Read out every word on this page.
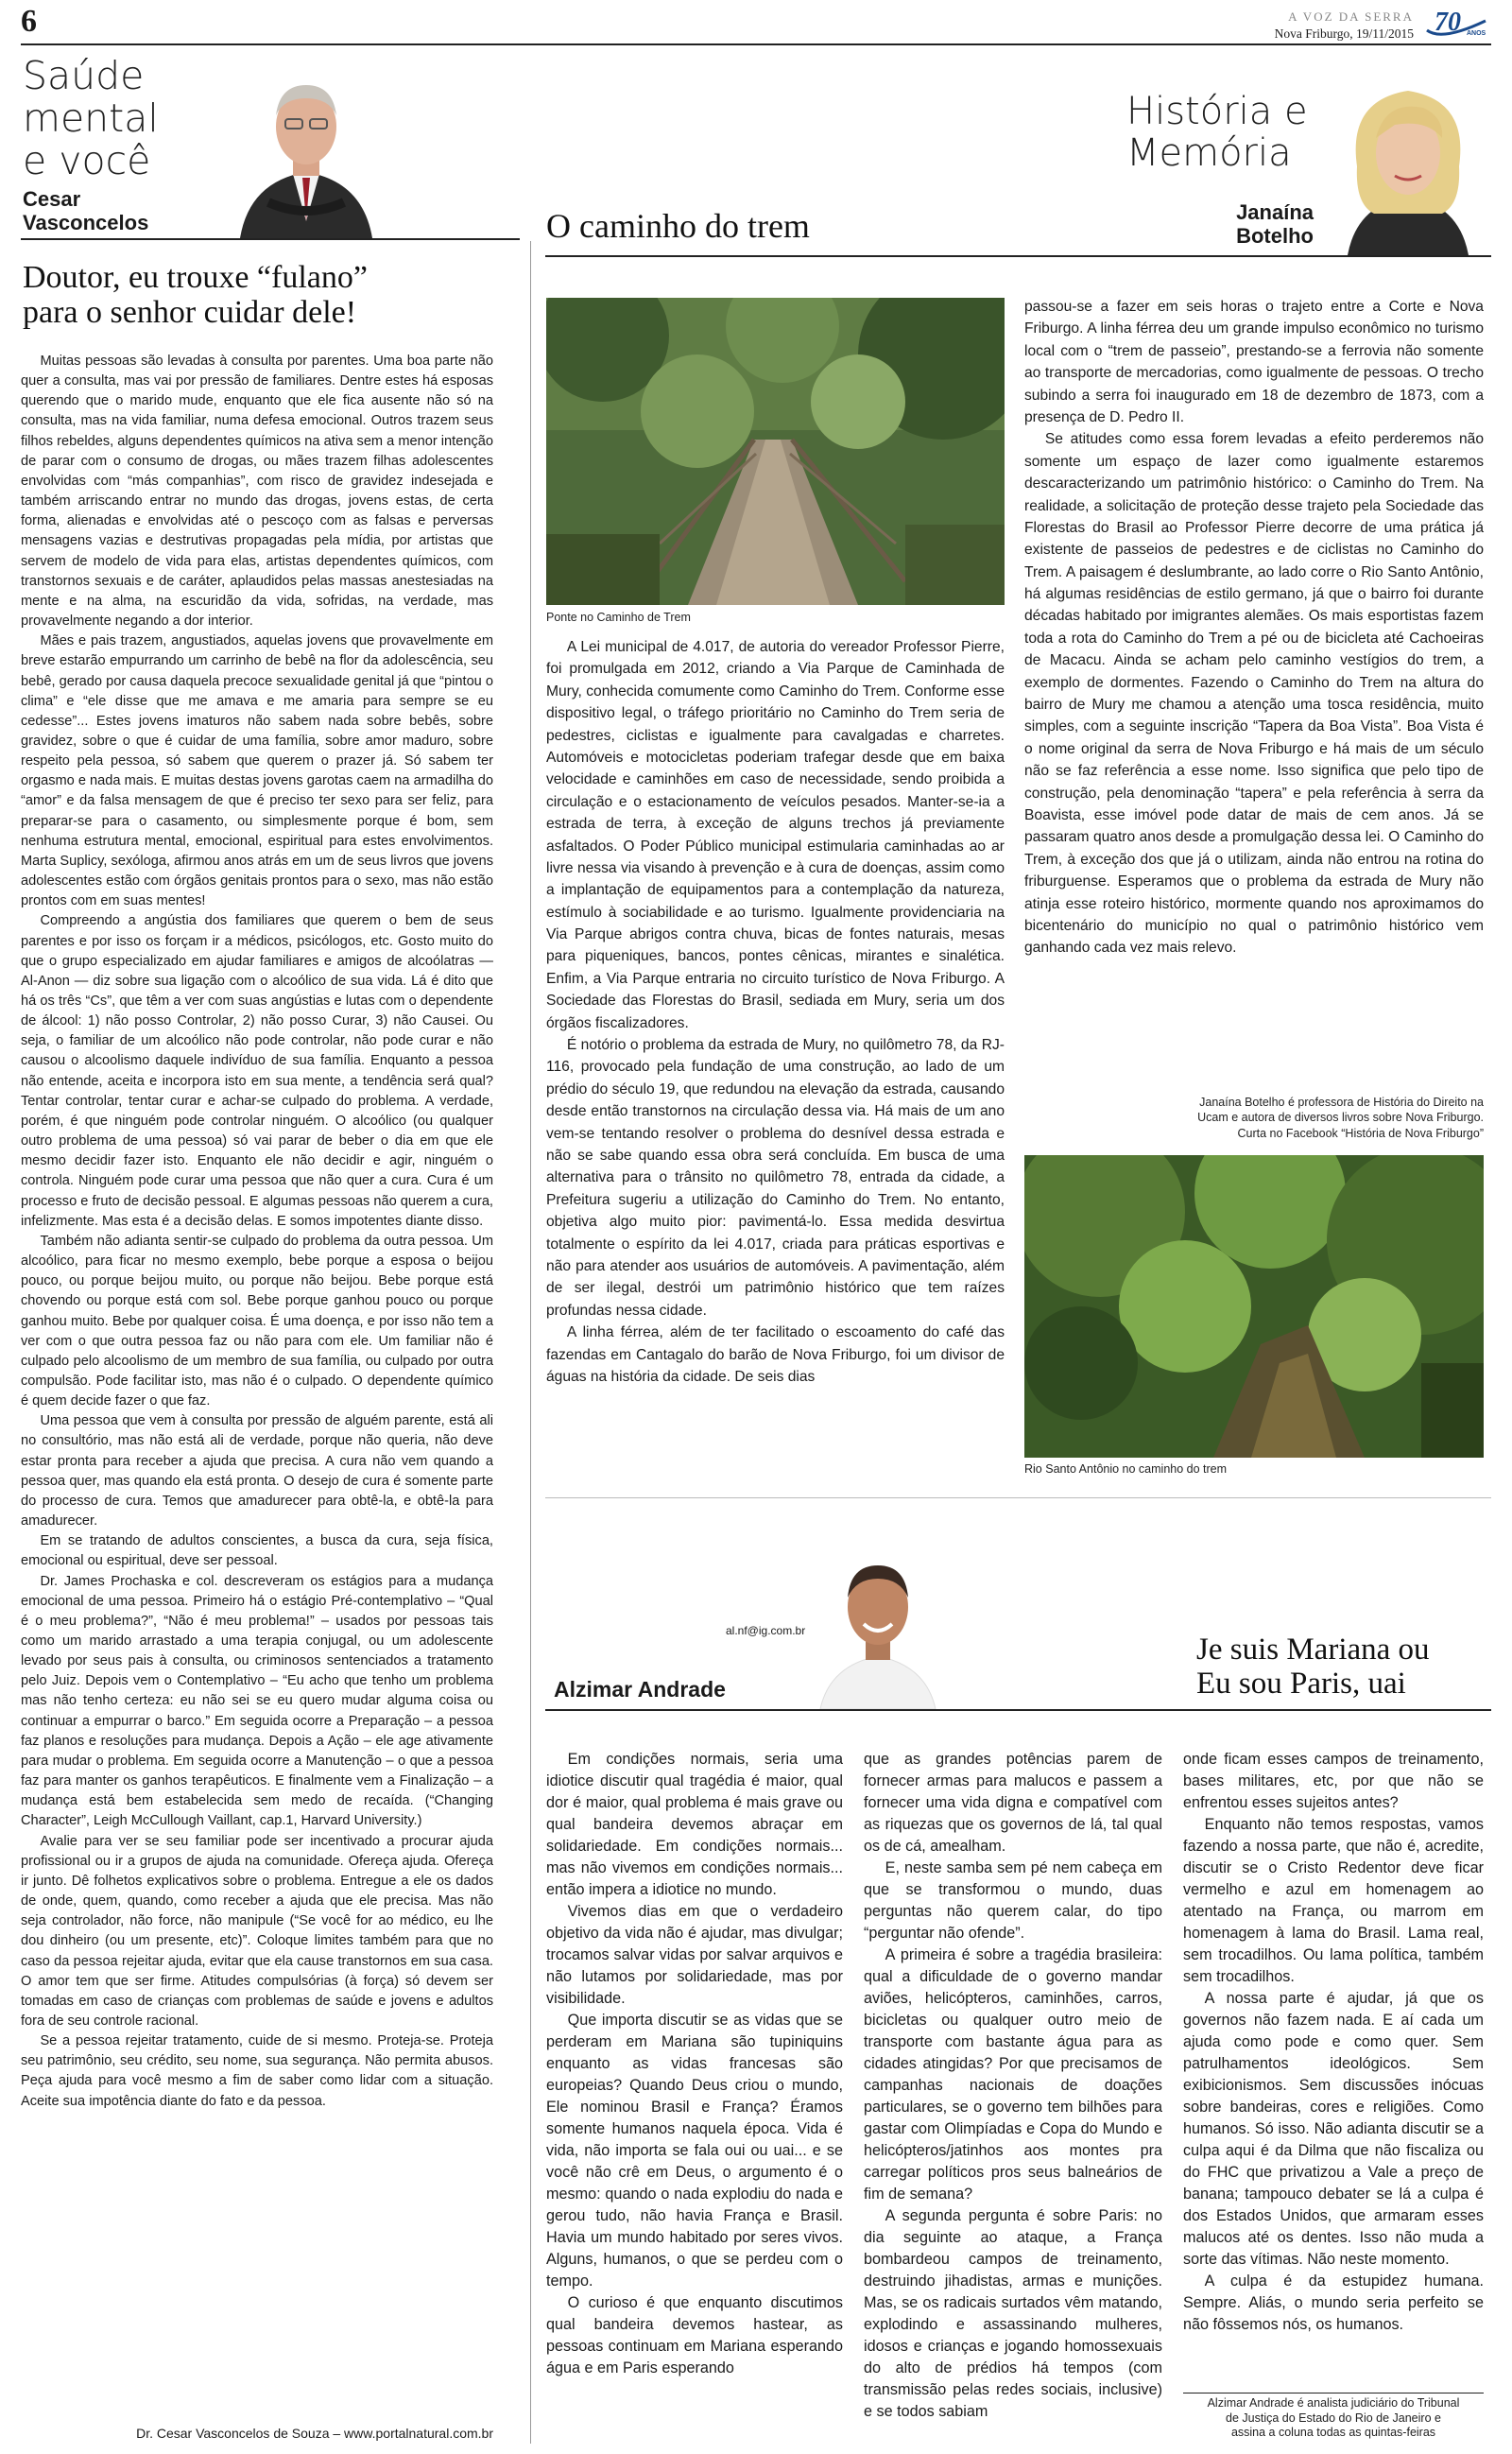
6	A VOZ DA SERRA
Nova Friburgo, 19/11/2015 70 ANOS
Saúde
mental
e você
Cesar
Vasconcelos
Doutor, eu trouxe “fulano”
para o senhor cuidar dele!

Muitas pessoas são levadas à consulta por parentes. Uma boa parte não quer a consulta, mas vai por pressão de familiares. Dentre estes há esposas querendo que o marido mude, enquanto que ele fica ausente não só na consulta, mas na vida familiar, numa defesa emocional. Outros trazem seus filhos rebeldes, alguns dependentes químicos na ativa sem a menor intenção de parar com o consumo de drogas, ou mães trazem filhas adolescentes envolvidas com “más companhias”, com risco de gravidez indesejada e também arriscando entrar no mundo das drogas, jovens estas, de certa forma, alienadas e envolvidas até o pescoço com as falsas e perversas mensagens vazias e destrutivas propagadas pela mídia, por artistas que servem de modelo de vida para elas, artistas dependentes químicos, com transtornos sexuais e de caráter, aplaudidos pelas massas anestesiadas na mente e na alma, na escuridão da vida, sofridas, na verdade, mas provavelmente negando a dor interior.

Mães e pais trazem, angustiados, aquelas jovens que provavelmente em breve estarão empurrando um carrinho de bebê na flor da adolescência, seu bebê, gerado por causa daquela precoce sexualidade genital já que “pintou o clima” e “ele disse que me amava e me amaria para sempre se eu cedesse”... Estes jovens imaturos não sabem nada sobre bebês, sobre gravidez, sobre o que é cuidar de uma família, sobre amor maduro, sobre respeito pela pessoa, só sabem que querem o prazer já. Só sabem ter orgasmo e nada mais. E muitas destas jovens garotas caem na armadilha do “amor” e da falsa mensagem de que é preciso ter sexo para ser feliz, para preparar-se para o casamento, ou simplesmente porque é bom, sem nenhuma estrutura mental, emocional, espiritual para estes envolvimentos. Marta Suplicy, sexóloga, afirmou anos atrás em um de seus livros que jovens adolescentes estão com órgãos genitais prontos para o sexo, mas não estão prontos com em suas mentes!

Compreendo a angústia dos familiares que querem o bem de seus parentes e por isso os forçam ir a médicos, psicólogos, etc. Gosto muito do que o grupo especializado em ajudar familiares e amigos de alcoólatras — Al-Anon — diz sobre sua ligação com o alcoólico de sua vida. Lá é dito que há os três “Cs”, que têm a ver com suas angústias e lutas com o dependente de álcool: 1) não posso Controlar, 2) não posso Curar, 3) não Causei. Ou seja, o familiar de um alcoólico não pode controlar, não pode curar e não causou o alcoolismo daquele indivíduo de sua família. Enquanto a pessoa não entende, aceita e incorpora isto em sua mente, a tendência será qual? Tentar controlar, tentar curar e achar-se culpado do problema. A verdade, porém, é que ninguém pode controlar ninguém. O alcoólico (ou qualquer outro problema de uma pessoa) só vai parar de beber o dia em que ele mesmo decidir fazer isto. Enquanto ele não decidir e agir, ninguém o controla. Ninguém pode curar uma pessoa que não quer a cura. Cura é um processo e fruto de decisão pessoal. E algumas pessoas não querem a cura, infelizmente. Mas esta é a decisão delas. E somos impotentes diante disso.

Também não adianta sentir-se culpado do problema da outra pessoa. Um alcoólico, para ficar no mesmo exemplo, bebe porque a esposa o beijou pouco, ou porque beijou muito, ou porque não beijou. Bebe porque está chovendo ou porque está com sol. Bebe porque ganhou pouco ou porque ganhou muito. Bebe por qualquer coisa. É uma doença, e por isso não tem a ver com o que outra pessoa faz ou não para com ele. Um familiar não é culpado pelo alcoolismo de um membro de sua família, ou culpado por outra compulsão. Pode facilitar isto, mas não é o culpado. O dependente químico é quem decide fazer o que faz.

Uma pessoa que vem à consulta por pressão de alguém parente, está ali no consultório, mas não está ali de verdade, porque não queria, não deve estar pronta para receber a ajuda que precisa. A cura não vem quando a pessoa quer, mas quando ela está pronta. O desejo de cura é somente parte do processo de cura. Temos que amadurecer para obtê-la, e obtê-la para amadurecer.

Em se tratando de adultos conscientes, a busca da cura, seja física, emocional ou espiritual, deve ser pessoal.

Dr. James Prochaska e col. descreveram os estágios para a mudança emocional de uma pessoa. Primeiro há o estágio Pré-contemplativo – “Qual é o meu problema?”, “Não é meu problema!” – usados por pessoas tais como um marido arrastado a uma terapia conjugal, ou um adolescente levado por seus pais à consulta, ou criminosos sentenciados a tratamento pelo Juiz. Depois vem o Contemplativo – “Eu acho que tenho um problema mas não tenho certeza: eu não sei se eu quero mudar alguma coisa ou continuar a empurrar o barco.” Em seguida ocorre a Preparação – a pessoa faz planos e resoluções para mudança. Depois a Ação – ele age ativamente para mudar o problema. Em seguida ocorre a Manutenção – o que a pessoa faz para manter os ganhos terapêuticos. E finalmente vem a Finalização – a mudança está bem estabelecida sem medo de recaída. (“Changing Character”, Leigh McCullough Vaillant, cap.1, Harvard University.)

Avalie para ver se seu familiar pode ser incentivado a procurar ajuda profissional ou ir a grupos de ajuda na comunidade. Ofereça ajuda. Ofereça ir junto. Dê folhetos explicativos sobre o problema. Entregue a ele os dados de onde, quem, quando, como receber a ajuda que ele precisa. Mas não seja controlador, não force, não manipule (“Se você for ao médico, eu lhe dou dinheiro (ou um presente, etc)”. Coloque limites também para que no caso da pessoa rejeitar ajuda, evitar que ela cause transtornos em sua casa. O amor tem que ser firme. Atitudes compulsórias (à força) só devem ser tomadas em caso de crianças com problemas de saúde e jovens e adultos fora de seu controle racional.

Se a pessoa rejeitar tratamento, cuide de si mesmo. Proteja-se. Proteja seu patrimônio, seu crédito, seu nome, sua segurança. Não permita abusos. Peça ajuda para você mesmo a fim de saber como lidar com a situação. Aceite sua impotência diante do fato e da pessoa.

Dr. Cesar Vasconcelos de Souza – www.portalnatural.com.br
História e
Memória
Janaína
Botelho
O caminho do trem
Ponte no Caminho de Trem

A Lei municipal de 4.017, de autoria do vereador Professor Pierre, foi promulgada em 2012, criando a Via Parque de Caminhada de Mury, conhecida comumente como Caminho do Trem. Conforme esse dispositivo legal, o tráfego prioritário no Caminho do Trem seria de pedestres, ciclistas e igualmente para cavalgadas e charretes. Automóveis e motocicletas poderiam trafegar desde que em baixa velocidade e caminhões em caso de necessidade, sendo proibida a circulação e o estacionamento de veículos pesados. Manter-se-ia a estrada de terra, à exceção de alguns trechos já previamente asfaltados. O Poder Público municipal estimularia caminhadas ao ar livre nessa via visando à prevenção e à cura de doenças, assim como a implantação de equipamentos para a contemplação da natureza, estímulo à sociabilidade e ao turismo. Igualmente providenciaria na Via Parque abrigos contra chuva, bicas de fontes naturais, mesas para piqueniques, bancos, pontes cênicas, mirantes e sinalética. Enfim, a Via Parque entraria no circuito turístico de Nova Friburgo. A Sociedade das Florestas do Brasil, sediada em Mury, seria um dos órgãos fiscalizadores.

É notório o problema da estrada de Mury, no quilômetro 78, da RJ-116, provocado pela fundação de uma construção, ao lado de um prédio do século 19, que redundou na elevação da estrada, causando desde então transtornos na circulação dessa via. Há mais de um ano vem-se tentando resolver o problema do desnível dessa estrada e não se sabe quando essa obra será concluída. Em busca de uma alternativa para o trânsito no quilômetro 78, entrada da cidade, a Prefeitura sugeriu a utilização do Caminho do Trem. No entanto, objetiva algo muito pior: pavimentá-lo. Essa medida desvirtua totalmente o espírito da lei 4.017, criada para práticas esportivas e não para atender aos usuários de automóveis. A pavimentação, além de ser ilegal, destrói um patrimônio histórico que tem raízes profundas nessa cidade.

A linha férrea, além de ter facilitado o escoamento do café das fazendas em Cantagalo do barão de Nova Friburgo, foi um divisor de águas na história da cidade. De seis dias

passou-se a fazer em seis horas o trajeto entre a Corte e Nova Friburgo. A linha férrea deu um grande impulso econômico no turismo local com o “trem de passeio”, prestando-se a ferrovia não somente ao transporte de mercadorias, como igualmente de pessoas. O trecho subindo a serra foi inaugurado em 18 de dezembro de 1873, com a presença de D. Pedro II.

Se atitudes como essa forem levadas a efeito perderemos não somente um espaço de lazer como igualmente estaremos descaracterizando um patrimônio histórico: o Caminho do Trem. Na realidade, a solicitação de proteção desse trajeto pela Sociedade das Florestas do Brasil ao Professor Pierre decorre de uma prática já existente de passeios de pedestres e de ciclistas no Caminho do Trem. A paisagem é deslumbrante, ao lado corre o Rio Santo Antônio, há algumas residências de estilo germano, já que o bairro foi durante décadas habitado por imigrantes alemães. Os mais esportistas fazem toda a rota do Caminho do Trem a pé ou de bicicleta até Cachoeiras de Macacu. Ainda se acham pelo caminho vestígios do trem, a exemplo de dormentes. Fazendo o Caminho do Trem na altura do bairro de Mury me chamou a atenção uma tosca residência, muito simples, com a seguinte inscrição “Tapera da Boa Vista”. Boa Vista é o nome original da serra de Nova Friburgo e há mais de um século não se faz referência a esse nome. Isso significa que pelo tipo de construção, pela denominação “tapera” e pela referência à serra da Boavista, esse imóvel pode datar de mais de cem anos. Já se passaram quatro anos desde a promulgação dessa lei. O Caminho do Trem, à exceção dos que já o utilizam, ainda não entrou na rotina do friburguense. Esperamos que o problema da estrada de Mury não atinja esse roteiro histórico, mormente quando nos aproximamos do bicentenário do município no qual o patrimônio histórico vem ganhando cada vez mais relevo.

Janaína Botelho é professora de História do Direito na
Ucam e autora de diversos livros sobre Nova Friburgo.
Curta no Facebook “História de Nova Friburgo”
Rio Santo Antônio no caminho do trem
al.nf@ig.com.br
Alzimar Andrade
Je suis Mariana ou
Eu sou Paris, uai

Em condições normais, seria uma idiotice discutir qual tragédia é maior, qual dor é maior, qual problema é mais grave ou qual bandeira devemos abraçar em solidariedade. Em condições normais... mas não vivemos em condições normais... então impera a idiotice no mundo.

Vivemos dias em que o verdadeiro objetivo da vida não é ajudar, mas divulgar; trocamos salvar vidas por salvar arquivos e não lutamos por solidariedade, mas por visibilidade.

Que importa discutir se as vidas que se perderam em Mariana são tupiniquins enquanto as vidas francesas são europeias? Quando Deus criou o mundo, Ele nominou Brasil e França? Éramos somente humanos naquela época. Vida é vida, não importa se fala oui ou uai... e se você não crê em Deus, o argumento é o mesmo: quando o nada explodiu do nada e gerou tudo, não havia França e Brasil. Havia um mundo habitado por seres vivos. Alguns, humanos, o que se perdeu com o tempo.

O curioso é que enquanto discutimos qual bandeira devemos hastear, as pessoas continuam em Mariana esperando água e em Paris esperando

que as grandes potências parem de fornecer armas para malucos e passem a fornecer uma vida digna e compatível com as riquezas que os governos de lá, tal qual os de cá, amealham.

E, neste samba sem pé nem cabeça em que se transformou o mundo, duas perguntas não querem calar, do tipo “perguntar não ofende”.

A primeira é sobre a tragédia brasileira: qual a dificuldade de o governo mandar aviões, helicópteros, caminhões, carros, bicicletas ou qualquer outro meio de transporte com bastante água para as cidades atingidas? Por que precisamos de campanhas nacionais de doações particulares, se o governo tem bilhões para gastar com Olimpíadas e Copa do Mundo e helicópteros/jatinhos aos montes pra carregar políticos pros seus balneários de fim de semana?

A segunda pergunta é sobre Paris: no dia seguinte ao ataque, a França bombardeou campos de treinamento, destruindo jihadistas, armas e munições. Mas, se os radicais surtados vêm matando, explodindo e assassinando mulheres, idosos e crianças e jogando homossexuais do alto de prédios há tempos (com transmissão pelas redes sociais, inclusive) e se todos sabiam

onde ficam esses campos de treinamento, bases militares, etc, por que não se enfrentou esses sujeitos antes?

Enquanto não temos respostas, vamos fazendo a nossa parte, que não é, acredite, discutir se o Cristo Redentor deve ficar vermelho e azul em homenagem ao atentado na França, ou marrom em homenagem à lama do Brasil. Lama real, sem trocadilhos. Ou lama política, também sem trocadilhos.

A nossa parte é ajudar, já que os governos não fazem nada. E aí cada um ajuda como pode e como quer. Sem patrulhamentos ideológicos. Sem exibicionismos. Sem discussões inócuas sobre bandeiras, cores e religiões. Como humanos. Só isso. Não adianta discutir se a culpa aqui é da Dilma que não fiscaliza ou do FHC que privatizou a Vale a preço de banana; tampouco debater se lá a culpa é dos Estados Unidos, que armaram esses malucos até os dentes. Isso não muda a sorte das vítimas. Não neste momento.

A culpa é da estupidez humana. Sempre. Aliás, o mundo seria perfeito se não fôssemos nós, os humanos.

Alzimar Andrade é analista judiciário do Tribunal
de Justiça do Estado do Rio de Janeiro e
assina a coluna todas as quintas-feiras
